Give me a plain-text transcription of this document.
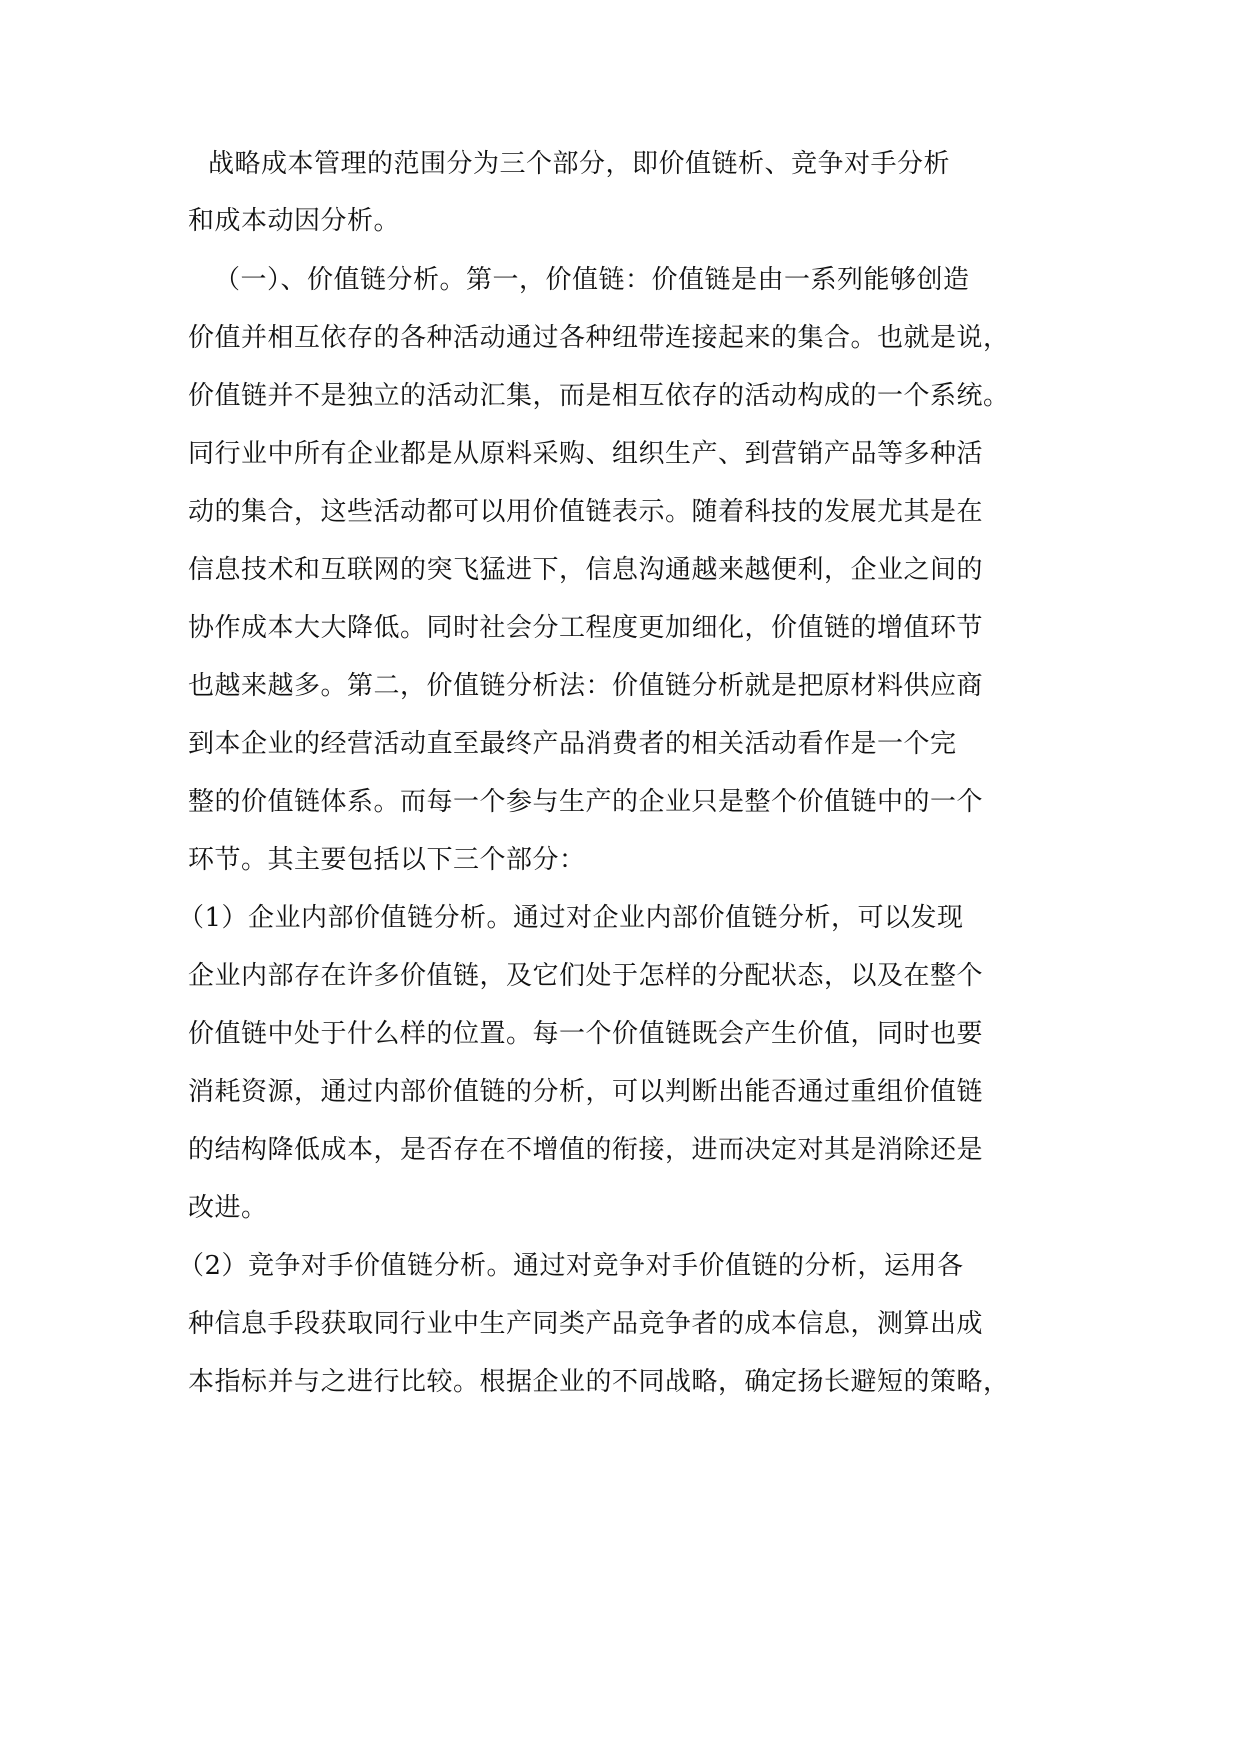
战略成本管理的范围分为三个部分，即价值链析、竞争对手分析
和成本动因分析。
（一）、价值链分析。第一，价值链：价值链是由一系列能够创造
价值并相互依存的各种活动通过各种纽带连接起来的集合。也就是说，
价值链并不是独立的活动汇集，而是相互依存的活动构成的一个系统。
同行业中所有企业都是从原料采购、组织生产、到营销产品等多种活
动的集合，这些活动都可以用价值链表示。随着科技的发展尤其是在
信息技术和互联网的突飞猛进下，信息沟通越来越便利，企业之间的
协作成本大大降低。同时社会分工程度更加细化，价值链的增值环节
也越来越多。第二，价值链分析法：价值链分析就是把原材料供应商
到本企业的经营活动直至最终产品消费者的相关活动看作是一个完
整的价值链体系。而每一个参与生产的企业只是整个价值链中的一个
环节。其主要包括以下三个部分：
（1）企业内部价值链分析。通过对企业内部价值链分析，可以发现
企业内部存在许多价值链，及它们处于怎样的分配状态，以及在整个
价值链中处于什么样的位置。每一个价值链既会产生价值，同时也要
消耗资源，通过内部价值链的分析，可以判断出能否通过重组价值链
的结构降低成本，是否存在不增值的衔接，进而决定对其是消除还是
改进。
（2）竞争对手价值链分析。通过对竞争对手价值链的分析，运用各
种信息手段获取同行业中生产同类产品竞争者的成本信息，测算出成
本指标并与之进行比较。根据企业的不同战略，确定扬长避短的策略，
